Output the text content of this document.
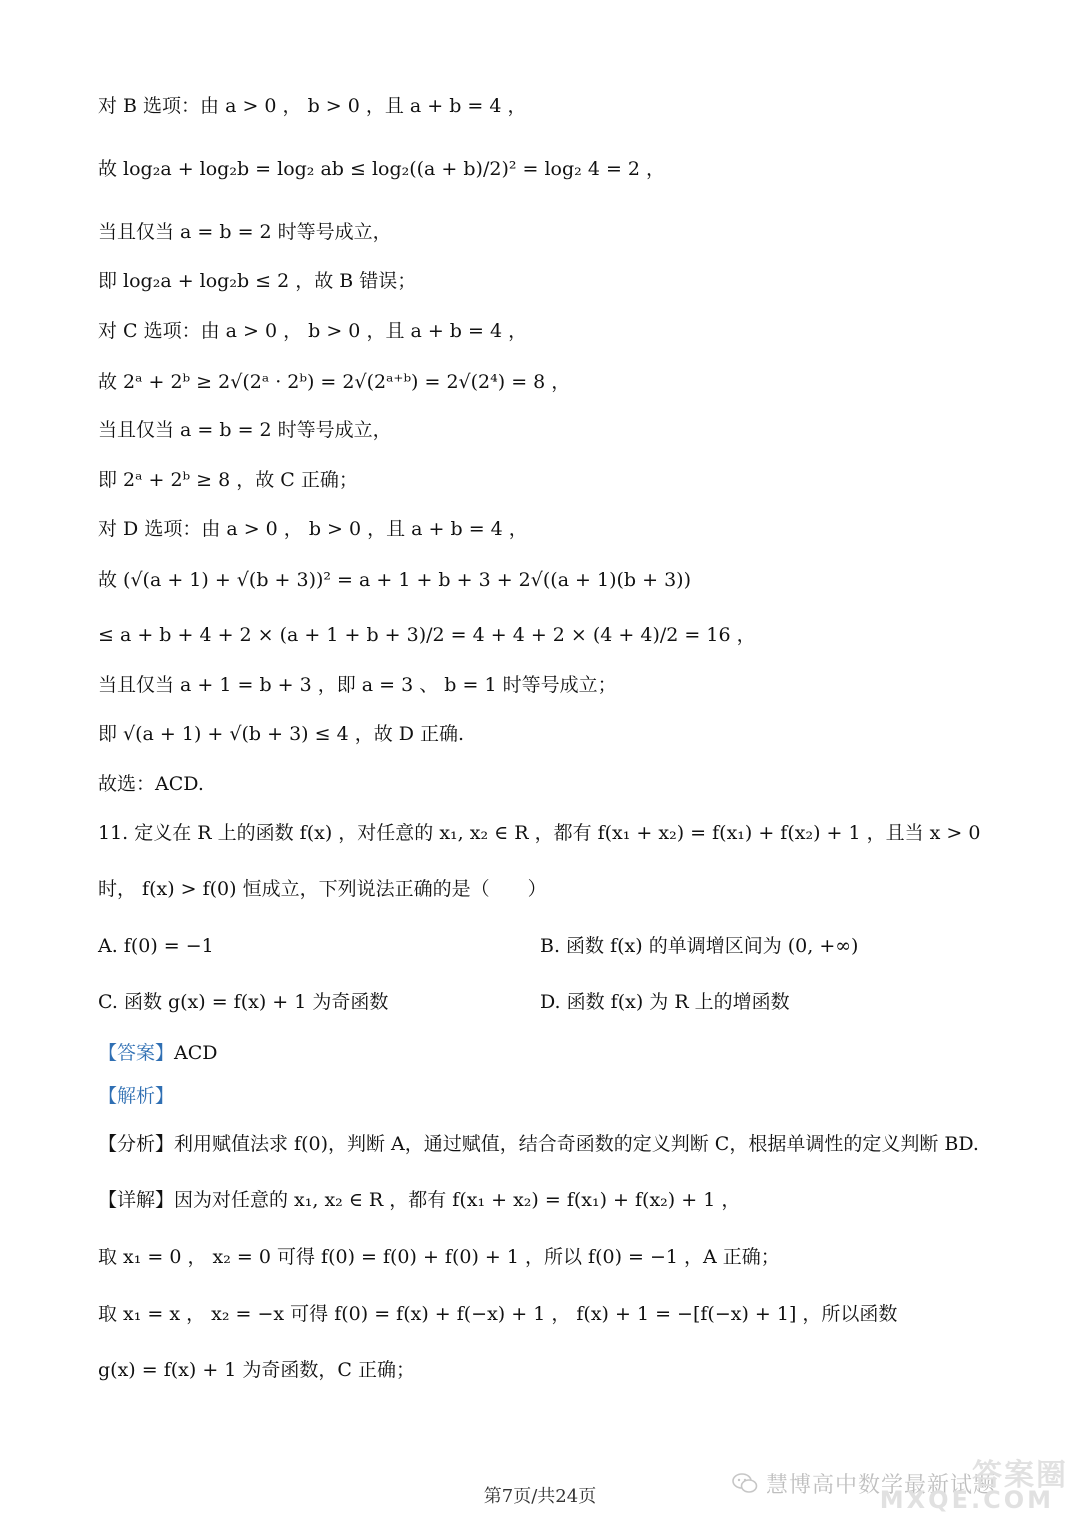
对 B 选项：由 a > 0 ， b > 0 ，且 a + b = 4 ，
故 log₂a + log₂b = log₂ ab ≤ log₂((a + b)/2)² = log₂ 4 = 2 ，
当且仅当 a = b = 2 时等号成立，
即 log₂a + log₂b ≤ 2 ，故 B 错误；
对 C 选项：由 a > 0 ， b > 0 ，且 a + b = 4 ，
故 2ᵃ + 2ᵇ ≥ 2√(2ᵃ · 2ᵇ) = 2√(2ᵃ⁺ᵇ) = 2√(2⁴) = 8 ，
当且仅当 a = b = 2 时等号成立，
即 2ᵃ + 2ᵇ ≥ 8 ，故 C 正确；
对 D 选项：由 a > 0 ， b > 0 ，且 a + b = 4 ，
故 (√(a + 1) + √(b + 3))² = a + 1 + b + 3 + 2√((a + 1)(b + 3))
≤ a + b + 4 + 2 × (a + 1 + b + 3)/2 = 4 + 4 + 2 × (4 + 4)/2 = 16 ，
当且仅当 a + 1 = b + 3 ，即 a = 3 、 b = 1 时等号成立；
即 √(a + 1) + √(b + 3) ≤ 4 ，故 D 正确.
故选：ACD.
11. 定义在 R 上的函数 f(x) ，对任意的 x₁, x₂ ∈ R ，都有 f(x₁ + x₂) = f(x₁) + f(x₂) + 1 ，且当 x > 0
时， f(x) > f(0) 恒成立，下列说法正确的是（　　）
A. f(0) = −1	B. 函数 f(x) 的单调增区间为 (0, +∞)
C. 函数 g(x) = f(x) + 1 为奇函数	D. 函数 f(x) 为 R 上的增函数
【答案】ACD
【解析】
【分析】利用赋值法求 f(0)，判断 A，通过赋值，结合奇函数的定义判断 C，根据单调性的定义判断 BD.
【详解】因为对任意的 x₁, x₂ ∈ R ，都有 f(x₁ + x₂) = f(x₁) + f(x₂) + 1 ，
取 x₁ = 0 ， x₂ = 0 可得 f(0) = f(0) + f(0) + 1 ，所以 f(0) = −1 ，A 正确；
取 x₁ = x ， x₂ = −x 可得 f(0) = f(x) + f(−x) + 1 ， f(x) + 1 = −[f(−x) + 1] ，所以函数
g(x) = f(x) + 1 为奇函数，C 正确；
第7页/共24页	慧博高中数学最新试题
答案圈
MXQE.COM
